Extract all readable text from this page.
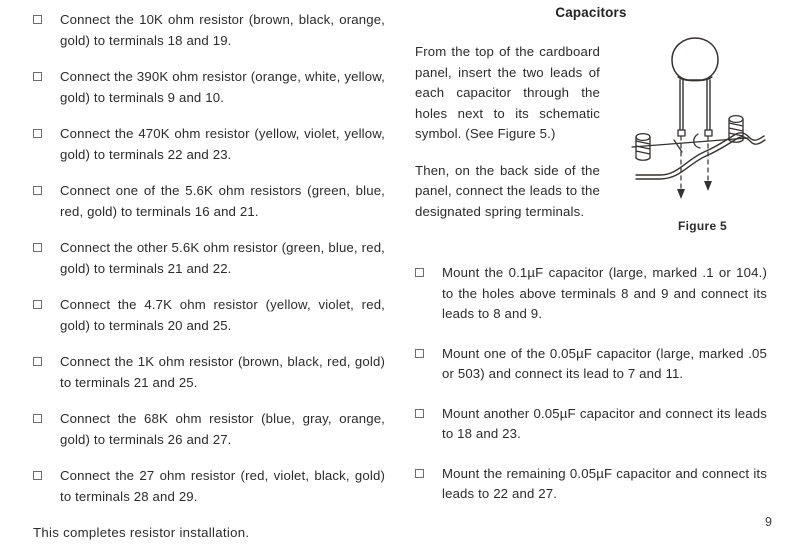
Connect the 10K ohm resistor (brown, black, orange, gold) to terminals 18 and 19.
Connect the 390K ohm resistor (orange, white, yellow, gold) to terminals 9 and 10.
Connect the 470K ohm resistor (yellow, violet, yellow, gold) to terminals 22 and 23.
Connect one of the 5.6K ohm resistors (green, blue, red, gold) to terminals 16 and 21.
Connect the other 5.6K ohm resistor (green, blue, red, gold) to terminals 21 and 22.
Connect the 4.7K ohm resistor (yellow, violet, red, gold) to terminals 20 and 25.
Connect the 1K ohm resistor (brown, black, red, gold) to terminals 21 and 25.
Connect the 68K ohm resistor (blue, gray, orange, gold) to terminals 26 and 27.
Connect the 27 ohm resistor (red, violet, black, gold) to terminals 28 and 29.
This completes resistor installation.
Capacitors

From the top of the cardboard panel, insert the two leads of each capacitor through the holes next to its schematic symbol. (See Figure 5.)

Then, on the back side of the panel, connect the leads to the designated spring terminals.

Figure 5
Mount the 0.1µF capacitor (large, marked .1 or 104.) to the holes above terminals 8 and 9 and connect its leads to 8 and 9.
Mount one of the 0.05µF capacitor (large, marked .05 or 503) and connect its lead to 7 and 11.
Mount another 0.05µF capacitor and connect its leads to 18 and 23.
Mount the remaining 0.05µF capacitor and connect its leads to 22 and 27.
9
